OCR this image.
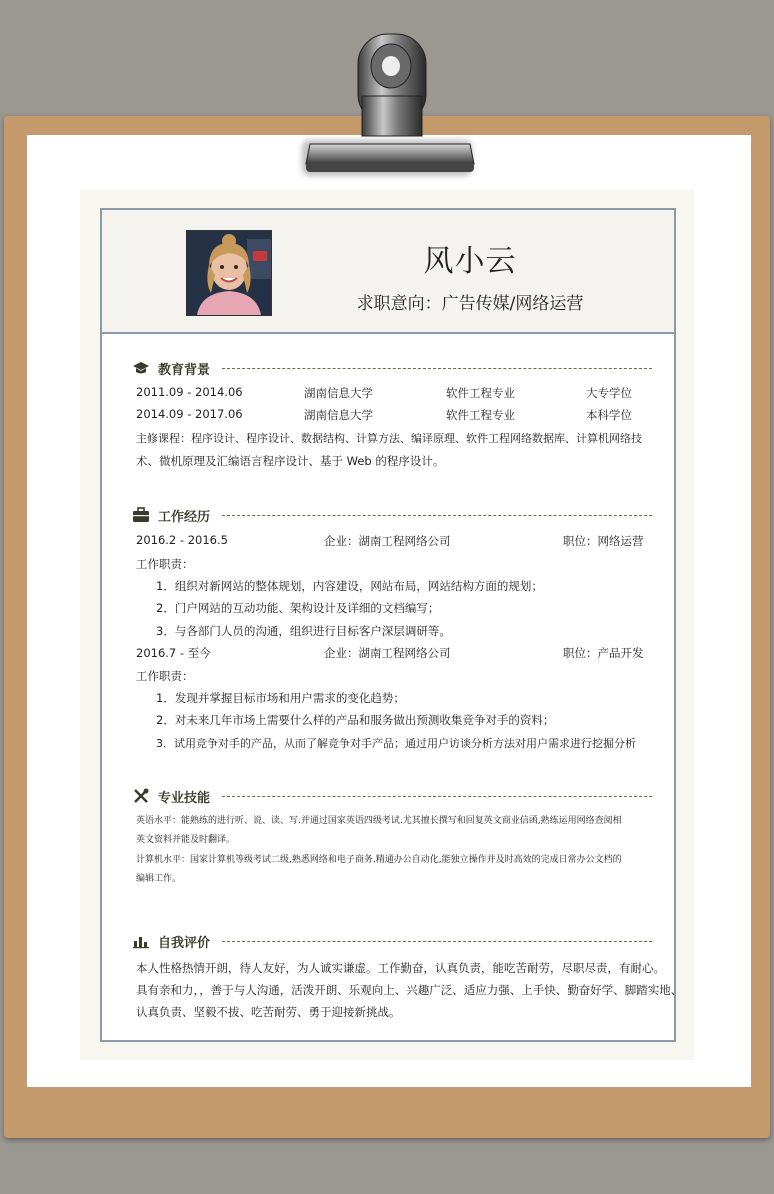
风小云
求职意向：广告传媒/网络运营
教育背景
2011.09 - 2014.06	湖南信息大学	软件工程专业	大专学位
2014.09 - 2017.06	湖南信息大学	软件工程专业	本科学位
主修课程：程序设计、程序设计、数据结构、计算方法、编译原理、软件工程网络数据库、计算机网络技
术、微机原理及汇编语言程序设计、基于 Web 的程序设计。
工作经历
2016.2 - 2016.5	企业：湖南工程网络公司	职位：网络运营
工作职责：
1．组织对新网站的整体规划，内容建设，网站布局，网站结构方面的规划；
2．门户网站的互动功能、架构设计及详细的文档编写；
3．与各部门人员的沟通，组织进行目标客户深层调研等。
2016.7 - 至今	企业：湖南工程网络公司	职位：产品开发
工作职责：
1．发现并掌握目标市场和用户需求的变化趋势；
2．对未来几年市场上需要什么样的产品和服务做出预测收集竞争对手的资料；
3．试用竞争对手的产品，从而了解竞争对手产品；通过用户访谈分析方法对用户需求进行挖掘分析
专业技能
英语水平：能熟练的进行听、说、读、写.并通过国家英语四级考试.尤其擅长撰写和回复英文商业信函,熟练运用网络查阅相
英文资料并能及时翻译。
计算机水平：国家计算机等级考试二级,熟悉网络和电子商务.精通办公自动化,能独立操作并及时高效的完成日常办公文档的
编辑工作。
自我评价
本人性格热情开朗，待人友好，为人诚实谦虚。工作勤奋，认真负责，能吃苦耐劳，尽职尽责，有耐心。
具有亲和力，，善于与人沟通，活泼开朗、乐观向上、兴趣广泛、适应力强、上手快、勤奋好学、脚踏实地、
认真负责、坚毅不拔、吃苦耐劳、勇于迎接新挑战。
